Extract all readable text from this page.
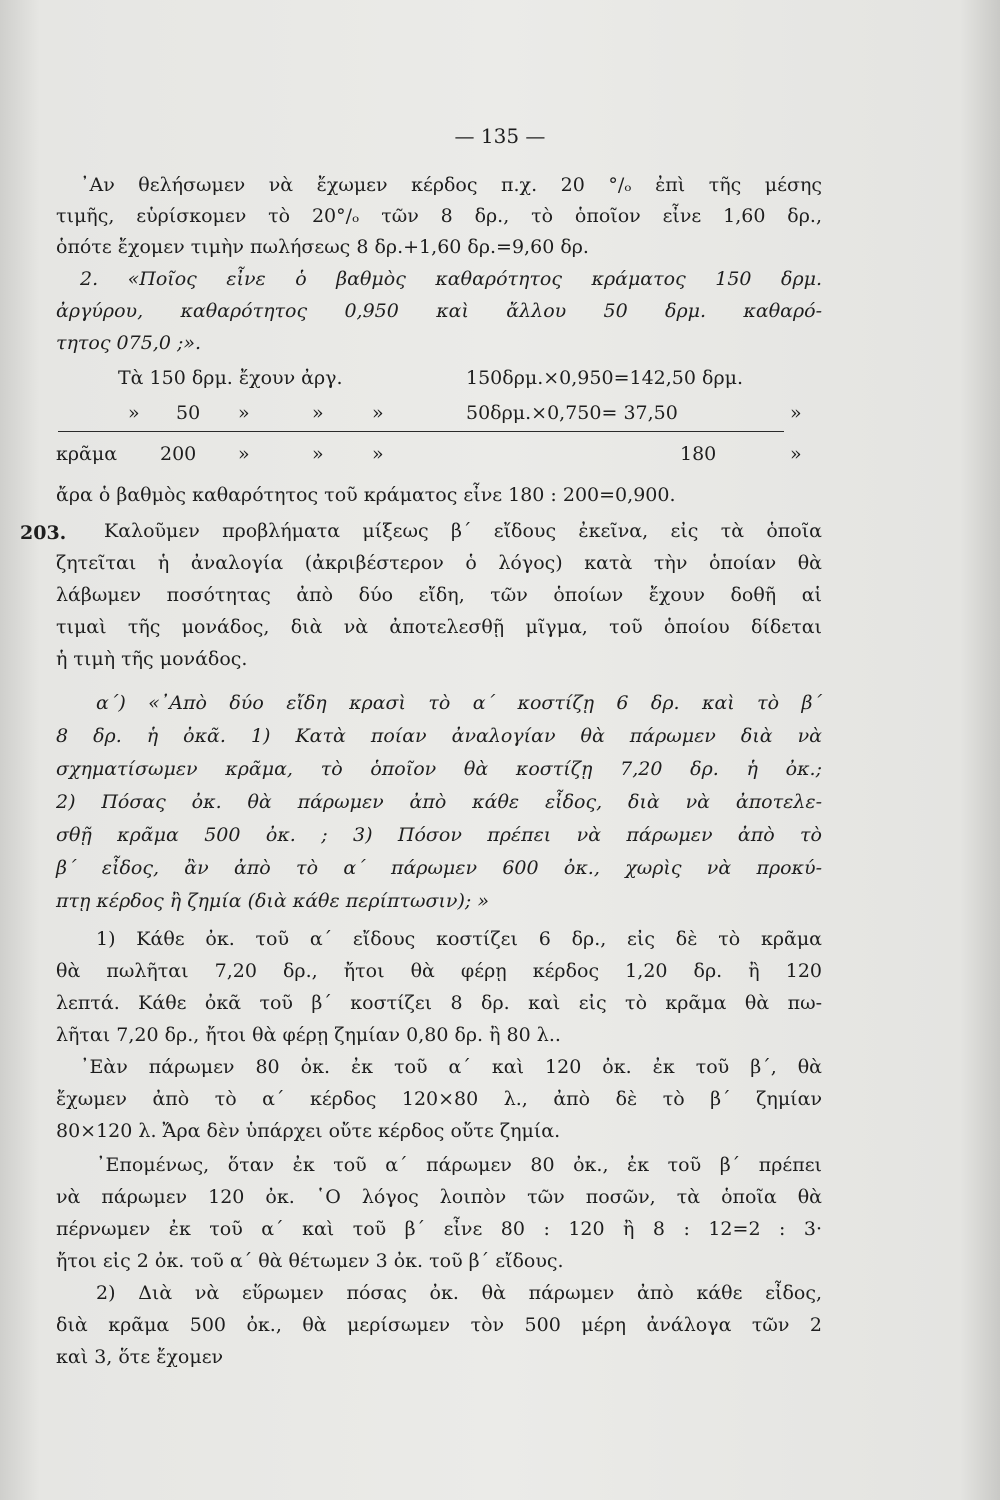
— 135 —
᾿Αν θελήσωμεν νὰ ἔχωμεν κέρδος π.χ. 20 °/ₒ ἐπὶ τῆς μέσης
τιμῆς, εὑρίσκομεν τὸ 20°/ₒ τῶν 8 δρ., τὸ ὁποῖον εἶνε 1,60 δρ.,
ὁπότε ἔχομεν τιμὴν πωλήσεως 8 δρ.+1,60 δρ.=9,60 δρ.
2. «Ποῖος εἶνε ὁ βαθμὸς καθαρότητος κράματος 150 δρμ.
ἀργύρου, καθαρότητος 0,950 καὶ ἄλλου 50 δρμ. καθαρό-
τητος 075,0 ;».
Τὰ 150 δρμ. ἔχουν ἀργ.	150δρμ.×0,950=142,50 δρμ.
» 50 »	»	»	50δρμ.×0,750= 37,50	»
κρᾶμα 200 »	»	»	180	»
ἄρα ὁ βαθμὸς καθαρότητος τοῦ κράματος εἶνε 180 : 200=0,900.
203. Καλοῦμεν προβλήματα μίξεως β΄ εἴδους ἐκεῖνα, εἰς τὰ ὁποῖα
ζητεῖται ἡ ἀναλογία (ἀκριβέστερον ὁ λόγος) κατὰ τὴν ὁποίαν θὰ
λάβωμεν ποσότητας ἀπὸ δύο εἴδη, τῶν ὁποίων ἔχουν δοθῆ αἱ
τιμαὶ τῆς μονάδος, διὰ νὰ ἀποτελεσθῇ μῖγμα, τοῦ ὁποίου δίδεται
ἡ τιμὴ τῆς μονάδος.
α΄) «᾿Απὸ δύο εἴδη κρασὶ τὸ α΄ κοστίζῃ 6 δρ. καὶ τὸ β΄
8 δρ. ἡ ὀκᾶ. 1) Κατὰ ποίαν ἀναλογίαν θὰ πάρωμεν διὰ νὰ
σχηματίσωμεν κρᾶμα, τὸ ὁποῖον θὰ κοστίζῃ 7,20 δρ. ἡ ὀκ.;
2) Πόσας ὀκ. θὰ πάρωμεν ἀπὸ κάθε εἶδος, διὰ νὰ ἀποτελε-
σθῇ κρᾶμα 500 ὀκ. ; 3) Πόσον πρέπει νὰ πάρωμεν ἀπὸ τὸ
β΄ εἶδος, ἂν ἀπὸ τὸ α΄ πάρωμεν 600 ὀκ., χωρὶς νὰ προκύ-
πτῃ κέρδος ἢ ζημία (διὰ κάθε περίπτωσιν); »
1) Κάθε ὀκ. τοῦ α΄ εἴδους κοστίζει 6 δρ., εἰς δὲ τὸ κρᾶμα
θὰ πωλῆται 7,20 δρ., ἤτοι θὰ φέρῃ κέρδος 1,20 δρ. ἢ 120
λεπτά. Κάθε ὀκᾶ τοῦ β΄ κοστίζει 8 δρ. καὶ εἰς τὸ κρᾶμα θὰ πω-
λῆται 7,20 δρ., ἤτοι θὰ φέρῃ ζημίαν 0,80 δρ. ἢ 80 λ..
᾿Εὰν πάρωμεν 80 ὀκ. ἐκ τοῦ α΄ καὶ 120 ὀκ. ἐκ τοῦ β΄, θὰ
ἔχωμεν ἀπὸ τὸ α΄ κέρδος 120×80 λ., ἀπὸ δὲ τὸ β΄ ζημίαν
80×120 λ. Ἄρα δὲν ὑπάρχει οὔτε κέρδος οὔτε ζημία.
᾿Επομένως, ὅταν ἐκ τοῦ α΄ πάρωμεν 80 ὀκ., ἐκ τοῦ β΄ πρέπει
νὰ πάρωμεν 120 ὀκ. ῾Ο λόγος λοιπὸν τῶν ποσῶν, τὰ ὁποῖα θὰ
πέρνωμεν ἐκ τοῦ α΄ καὶ τοῦ β΄ εἶνε 80 : 120 ἢ 8 : 12=2 : 3·
ἤτοι εἰς 2 ὀκ. τοῦ α΄ θὰ θέτωμεν 3 ὀκ. τοῦ β΄ εἴδους.
2) Διὰ νὰ εὕρωμεν πόσας ὀκ. θὰ πάρωμεν ἀπὸ κάθε εἶδος,
διὰ κρᾶμα 500 ὀκ., θὰ μερίσωμεν τὸν 500 μέρη ἀνάλογα τῶν 2
καὶ 3, ὅτε ἔχομεν
